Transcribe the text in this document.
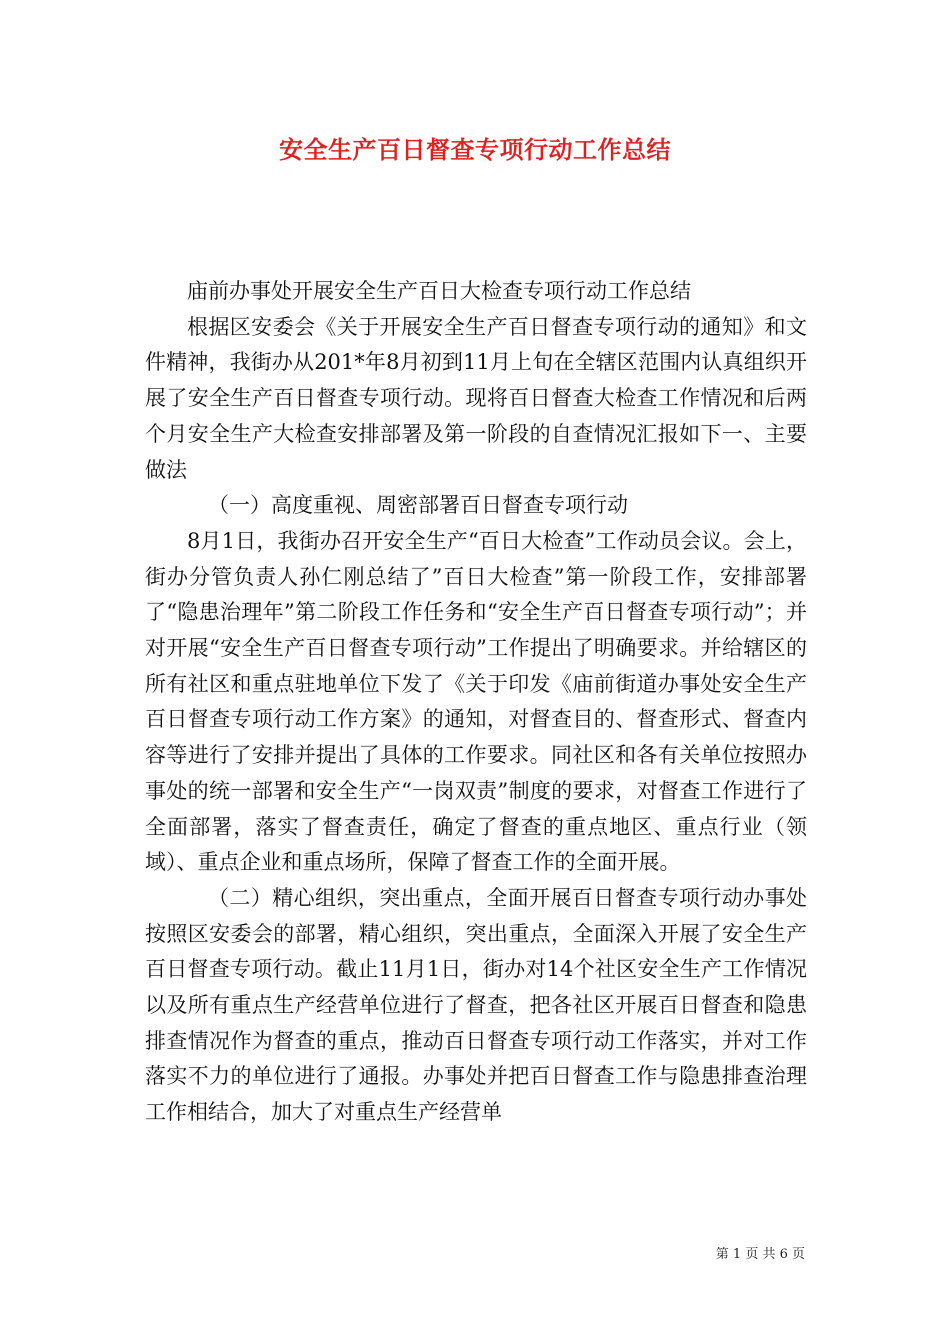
安全生产百日督查专项行动工作总结

庙前办事处开展安全生产百日大检查专项行动工作总结

根据区安委会《关于开展安全生产百日督查专项行动的通知》和文件精神，我街办从201*年8月初到11月上旬在全辖区范围内认真组织开展了安全生产百日督查专项行动。现将百日督查大检查工作情况和后两个月安全生产大检查安排部署及第一阶段的自查情况汇报如下一、主要做法

（一）高度重视、周密部署百日督查专项行动

8月1日，我街办召开安全生产“百日大检查”工作动员会议。会上，街办分管负责人孙仁刚总结了”百日大检查”第一阶段工作，安排部署了“隐患治理年”第二阶段工作任务和“安全生产百日督查专项行动”；并对开展“安全生产百日督查专项行动”工作提出了明确要求。并给辖区的所有社区和重点驻地单位下发了《关于印发《庙前街道办事处安全生产百日督查专项行动工作方案》的通知，对督查目的、督查形式、督查内容等进行了安排并提出了具体的工作要求。同社区和各有关单位按照办事处的统一部署和安全生产“一岗双责”制度的要求，对督查工作进行了全面部署，落实了督查责任，确定了督查的重点地区、重点行业（领域）、重点企业和重点场所，保障了督查工作的全面开展。

（二）精心组织，突出重点，全面开展百日督查专项行动办事处按照区安委会的部署，精心组织，突出重点，全面深入开展了安全生产百日督查专项行动。截止11月1日，街办对14个社区安全生产工作情况以及所有重点生产经营单位进行了督查，把各社区开展百日督查和隐患排查情况作为督查的重点，推动百日督查专项行动工作落实，并对工作落实不力的单位进行了通报。办事处并把百日督查工作与隐患排查治理工作相结合，加大了对重点生产经营单

第 1 页 共 6 页
